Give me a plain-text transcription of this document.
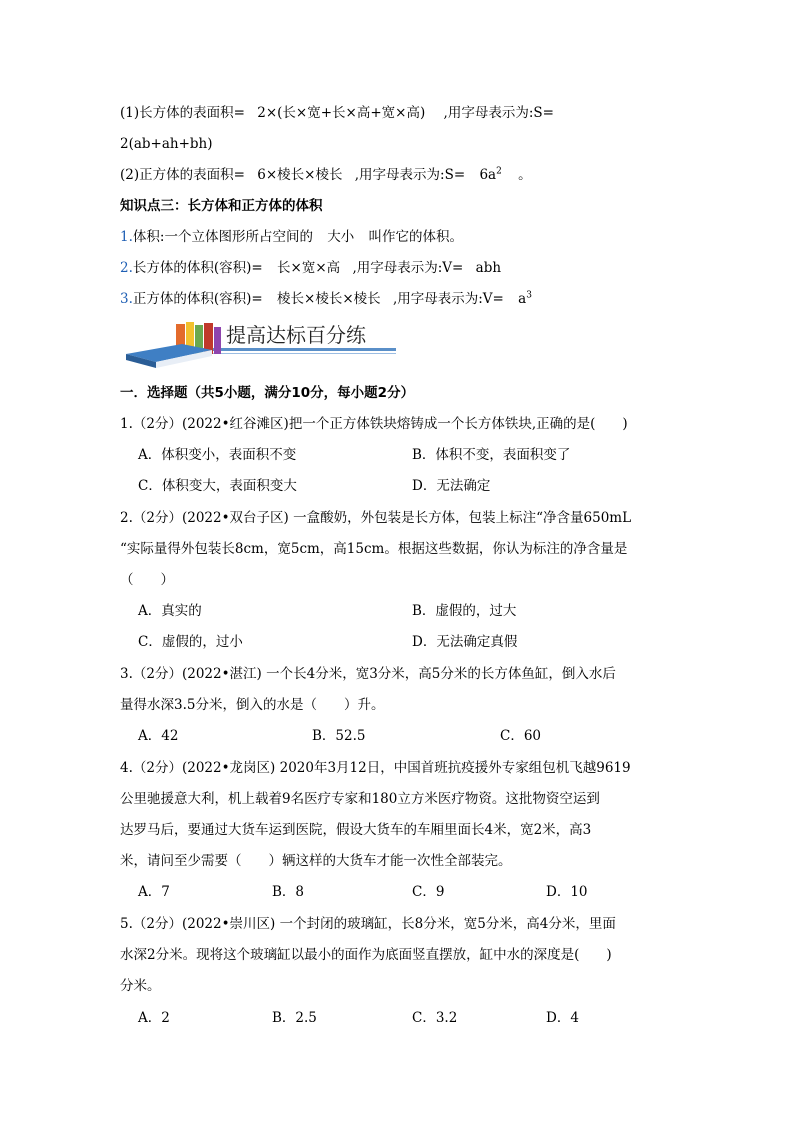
(1)长方体的表面积= 2×(长×宽+长×高+宽×高) ,用字母表示为:S=
2(ab+ah+bh)
(2)正方体的表面积= 6×棱长×棱长 ,用字母表示为:S= $6a^2$ 。
知识点三：长方体和正方体的体积
1.体积:一个立体图形所占空间的 大小 叫作它的体积。
2.长方体的体积(容积)= 长×宽×高 ,用字母表示为:V= abh
3.正方体的体积(容积)= 棱长×棱长×棱长 ,用字母表示为:V= $a^3$
提高达标百分练
一．选择题（共5小题，满分10分，每小题2分）
1.（2分）(2022•红谷滩区)把一个正方体铁块熔铸成一个长方体铁块,正确的是(　　)
A．体积变小，表面积不变	B．体积不变，表面积变了
C．体积变大，表面积变大	D．无法确定
2.（2分）(2022•双台子区) 一盒酸奶，外包装是长方体，包装上标注“净含量650mL
“实际量得外包装长8cm，宽5cm，高15cm。根据这些数据，你认为标注的净含量是
（　　）
A．真实的	B．虚假的，过大
C．虚假的，过小	D．无法确定真假
3.（2分）(2022•湛江) 一个长4分米，宽3分米，高5分米的长方体鱼缸，倒入水后
量得水深3.5分米，倒入的水是（　　）升。
A．42	B．52.5	C．60
4.（2分）(2022•龙岗区) 2020年3月12日，中国首班抗疫援外专家组包机飞越9619
公里驰援意大利，机上载着9名医疗专家和180立方米医疗物资。这批物资空运到
达罗马后，要通过大货车运到医院，假设大货车的车厢里面长4米，宽2米，高3
米，请问至少需要（　　）辆这样的大货车才能一次性全部装完。
A．7	B．8	C．9	D．10
5.（2分）(2022•崇川区) 一个封闭的玻璃缸，长8分米，宽5分米，高4分米，里面
水深2分米。现将这个玻璃缸以最小的面作为底面竖直摆放，缸中水的深度是(　　)
分米。
A．2	B．2.5	C．3.2	D．4
